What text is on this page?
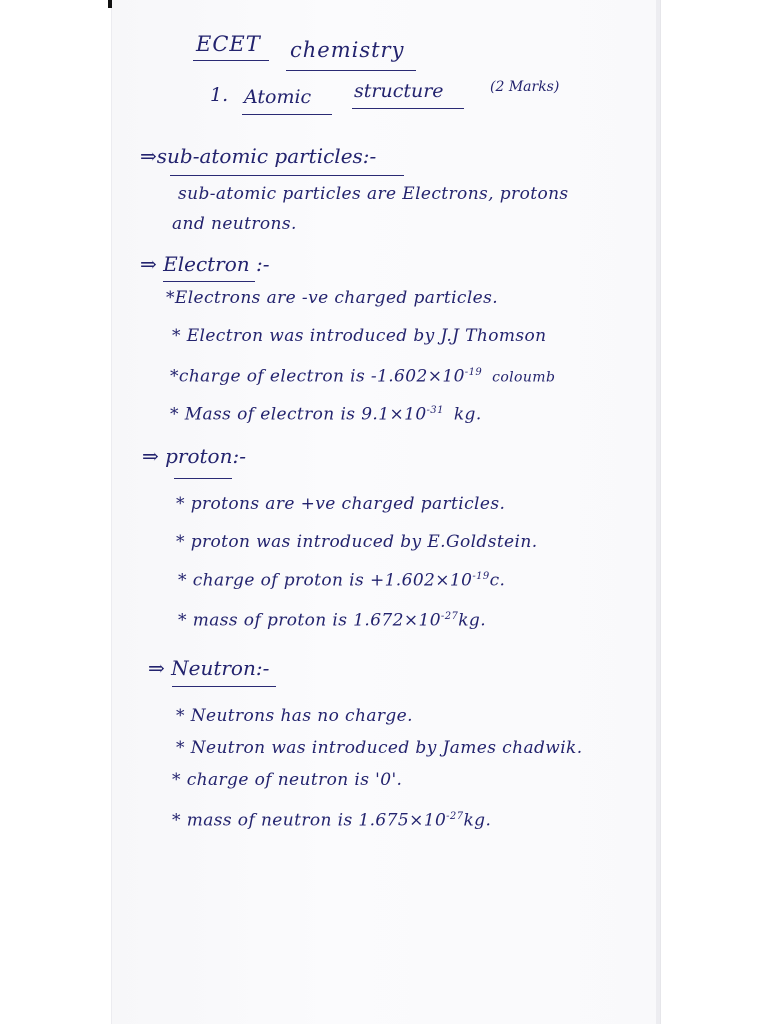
ECET chemistry
1. Atomic structure	(2 Marks)
⇒sub-atomic particles:-
sub-atomic particles are Electrons, protons
and neutrons.
⇒ Electron :-
*Electrons are -ve charged particles.
* Electron was introduced by J.J Thomson
*charge of electron is $-1.602\times 10^{-19}$ coloumb
* Mass of electron is $9.1\times 10^{-31}$ kg.
⇒ proton:-
* protons are +ve charged particles.
* proton was introduced by E.Goldstein.
* charge of proton is $+1.602\times 10^{-19}c$.
* mass of proton is $1.672\times 10^{-27}kg$.
⇒ Neutron:-
* Neutrons has no charge.
* Neutron was introduced by James chadwik.
* charge of neutron is '0'.
* mass of neutron is $1.675\times 10^{-27}kg$.
